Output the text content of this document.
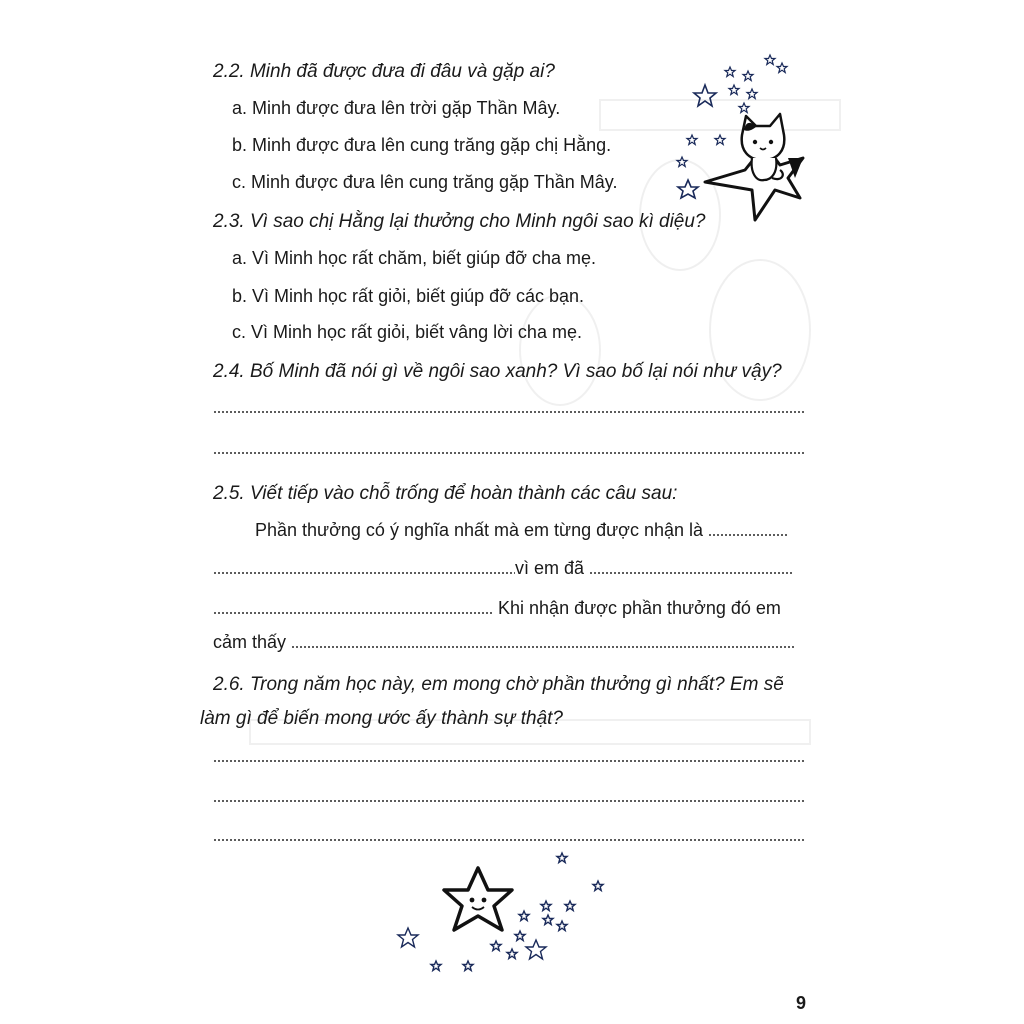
2.2. Minh đã được đưa đi đâu và gặp ai?
a. Minh được đưa lên trời gặp Thần Mây.
b. Minh được đưa lên cung trăng gặp chị Hằng.
c. Minh được đưa lên cung trăng gặp Thần Mây.
2.3. Vì sao chị Hằng lại thưởng cho Minh ngôi sao kì diệu?
a. Vì Minh học rất chăm, biết giúp đỡ cha mẹ.
b. Vì Minh học rất giỏi, biết giúp đỡ các bạn.
c. Vì Minh học rất giỏi, biết vâng lời cha mẹ.
2.4. Bố Minh đã nói gì về ngôi sao xanh? Vì sao bố lại nói như vậy?
2.5. Viết tiếp vào chỗ trống để hoàn thành các câu sau:
Phần thưởng có ý nghĩa nhất mà em từng được nhận là
vì em đã
Khi nhận được phần thưởng đó em
cảm thấy
2.6. Trong năm học này, em mong chờ phần thưởng gì nhất? Em sẽ
làm gì để biến mong ước ấy thành sự thật?
9
